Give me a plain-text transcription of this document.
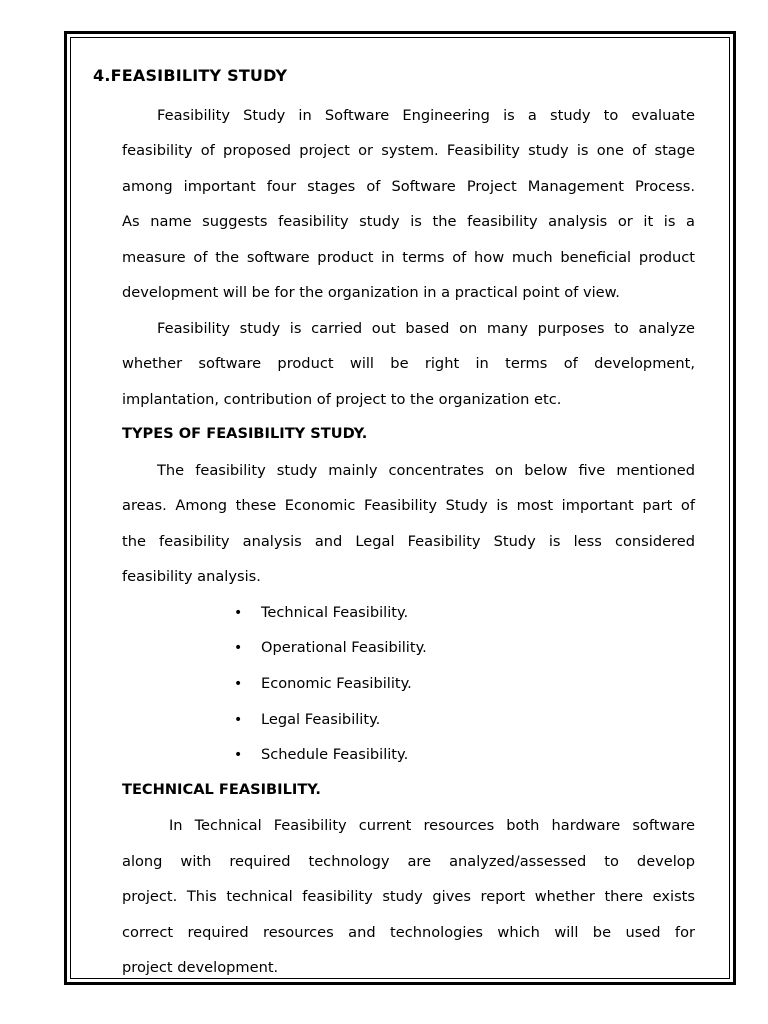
4.FEASIBILITY STUDY
Feasibility Study in Software Engineering is a study to evaluate
feasibility of proposed project or system. Feasibility study is one of stage
among important four stages of Software Project Management Process.
As name suggests feasibility study is the feasibility analysis or it is a
measure of the software product in terms of how much beneficial product
development will be for the organization in a practical point of view.
Feasibility study is carried out based on many purposes to analyze
whether software product will be right in terms of development,
implantation, contribution of project to the organization etc.
TYPES OF FEASIBILITY STUDY.
The feasibility study mainly concentrates on below five mentioned
areas. Among these Economic Feasibility Study is most important part of
the feasibility analysis and Legal Feasibility Study is less considered
feasibility analysis.
• Technical Feasibility.
• Operational Feasibility.
• Economic Feasibility.
• Legal Feasibility.
• Schedule Feasibility.
TECHNICAL FEASIBILITY.
In Technical Feasibility current resources both hardware software
along with required technology are analyzed/assessed to develop
project. This technical feasibility study gives report whether there exists
correct required resources and technologies which will be used for
project development.
